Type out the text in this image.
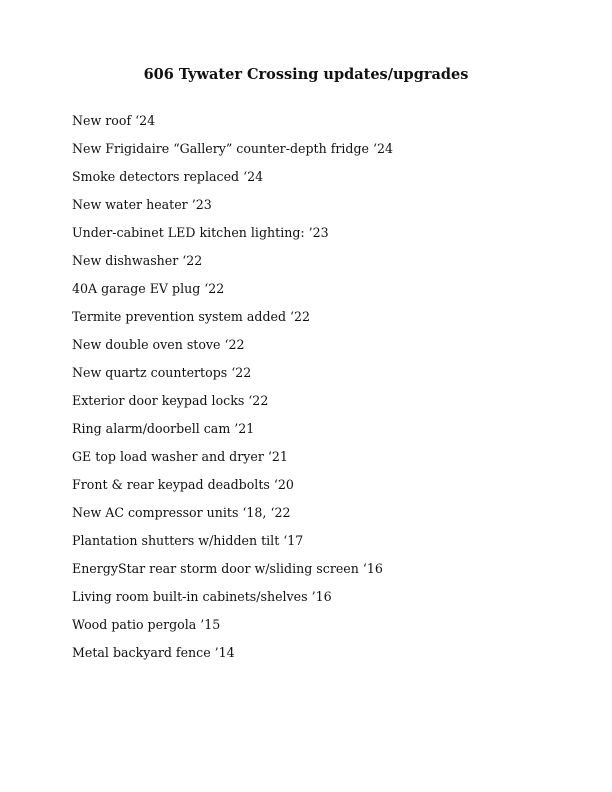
606 Tywater Crossing updates/upgrades
New roof ‘24
New Frigidaire “Gallery” counter-depth fridge ‘24
Smoke detectors replaced ‘24
New water heater ’23
Under-cabinet LED kitchen lighting: ’23
New dishwasher ‘22
40A garage EV plug ‘22
Termite prevention system added ‘22
New double oven stove ‘22
New quartz countertops ‘22
Exterior door keypad locks ‘22
Ring alarm/doorbell cam ’21
GE top load washer and dryer ‘21
Front & rear keypad deadbolts ‘20
New AC compressor units ‘18, ‘22
Plantation shutters w/hidden tilt ‘17
EnergyStar rear storm door w/sliding screen ‘16
Living room built-in cabinets/shelves ’16
Wood patio pergola ’15
Metal backyard fence ’14
